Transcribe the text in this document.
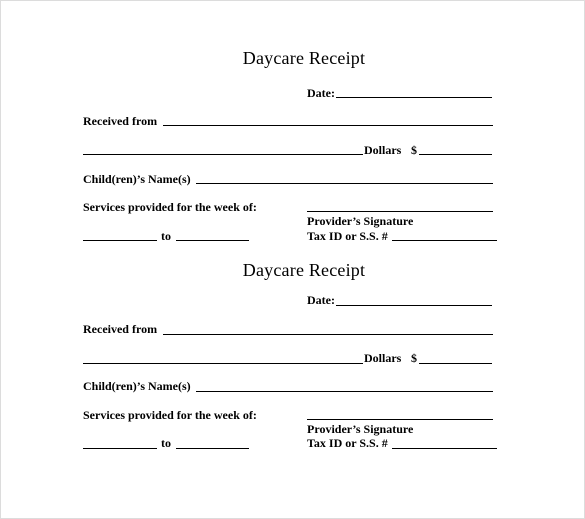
Daycare Receipt
Date:
Received from
Dollars $
Child(ren)’s Name(s)
Services provided for the week of:
Provider’s Signature
to	Tax ID or S.S. #
Daycare Receipt
Date:
Received from
Dollars $
Child(ren)’s Name(s)
Services provided for the week of:
Provider’s Signature
to	Tax ID or S.S. #
